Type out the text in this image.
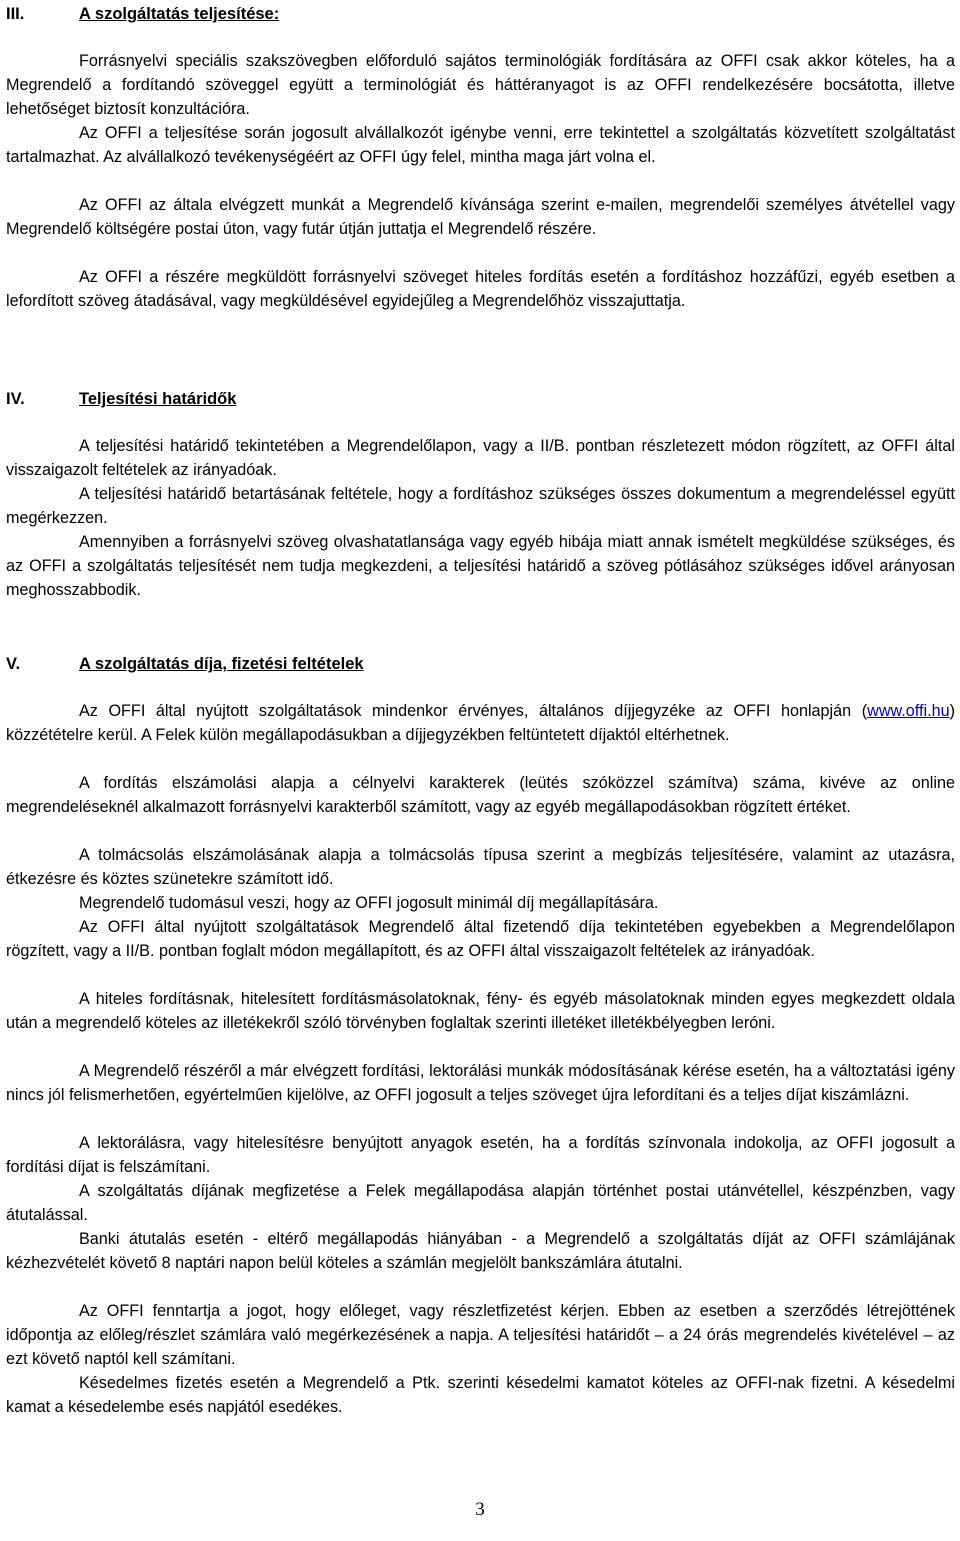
III.	A szolgáltatás teljesítése:

Forrásnyelvi speciális szakszövegben előforduló sajátos terminológiák fordítására az OFFI csak akkor köteles, ha a Megrendelő a fordítandó szöveggel együtt a terminológiát és háttéranyagot is az OFFI rendelkezésére bocsátotta, illetve lehetőséget biztosít konzultációra.

Az OFFI a teljesítése során jogosult alvállalkozót igénybe venni, erre tekintettel a szolgáltatás közvetített szolgáltatást tartalmazhat. Az alvállalkozó tevékenységéért az OFFI úgy felel, mintha maga járt volna el.

Az OFFI az általa elvégzett munkát a Megrendelő kívánsága szerint e-mailen, megrendelői személyes átvétellel vagy Megrendelő költségére postai úton, vagy futár útján juttatja el Megrendelő részére.

Az OFFI a részére megküldött forrásnyelvi szöveget hiteles fordítás esetén a fordításhoz hozzáfűzi, egyéb esetben a lefordított szöveg átadásával, vagy megküldésével egyidejűleg a Megrendelőhöz visszajuttatja.

IV.	Teljesítési határidők

A teljesítési határidő tekintetében a Megrendelőlapon, vagy a II/B. pontban részletezett módon rögzített, az OFFI által visszaigazolt feltételek az irányadóak.

A teljesítési határidő betartásának feltétele, hogy a fordításhoz szükséges összes dokumentum a megrendeléssel együtt megérkezzen.

Amennyiben a forrásnyelvi szöveg olvashatatlansága vagy egyéb hibája miatt annak ismételt megküldése szükséges, és az OFFI a szolgáltatás teljesítését nem tudja megkezdeni, a teljesítési határidő a szöveg pótlásához szükséges idővel arányosan meghosszabbodik.

V.	A szolgáltatás díja, fizetési feltételek

Az OFFI által nyújtott szolgáltatások mindenkor érvényes, általános díjjegyzéke az OFFI honlapján (www.offi.hu) közzétételre kerül. A Felek külön megállapodásukban a díjjegyzékben feltüntetett díjaktól eltérhetnek.

A fordítás elszámolási alapja a célnyelvi karakterek (leütés szóközzel számítva) száma, kivéve az online megrendeléseknél alkalmazott forrásnyelvi karakterből számított, vagy az egyéb megállapodásokban rögzített értéket.

A tolmácsolás elszámolásának alapja a tolmácsolás típusa szerint a megbízás teljesítésére, valamint az utazásra, étkezésre és köztes szünetekre számított idő.

Megrendelő tudomásul veszi, hogy az OFFI jogosult minimál díj megállapítására.

Az OFFI által nyújtott szolgáltatások Megrendelő által fizetendő díja tekintetében egyebekben a Megrendelőlapon rögzített, vagy a II/B. pontban foglalt módon megállapított, és az OFFI által visszaigazolt feltételek az irányadóak.

A hiteles fordításnak, hitelesített fordításmásolatoknak, fény- és egyéb másolatoknak minden egyes megkezdett oldala után a megrendelő köteles az illetékekről szóló törvényben foglaltak szerinti illetéket illetékbélyegben leróni.

A Megrendelő részéről a már elvégzett fordítási, lektorálási munkák módosításának kérése esetén, ha a változtatási igény nincs jól felismerhetően, egyértelműen kijelölve, az OFFI jogosult a teljes szöveget újra lefordítani és a teljes díjat kiszámlázni.

A lektorálásra, vagy hitelesítésre benyújtott anyagok esetén, ha a fordítás színvonala indokolja, az OFFI jogosult a fordítási díjat is felszámítani.

A szolgáltatás díjának megfizetése a Felek megállapodása alapján történhet postai utánvétellel, készpénzben, vagy átutalással.

Banki átutalás esetén - eltérő megállapodás hiányában - a Megrendelő a szolgáltatás díját az OFFI számlájának kézhezvételét követő 8 naptári napon belül köteles a számlán megjelölt bankszámlára átutalni.

Az OFFI fenntartja a jogot, hogy előleget, vagy részletfizetést kérjen. Ebben az esetben a szerződés létrejöttének időpontja az előleg/részlet számlára való megérkezésének a napja. A teljesítési határidőt – a 24 órás megrendelés kivételével – az ezt követő naptól kell számítani.

Késedelmes fizetés esetén a Megrendelő a Ptk. szerinti késedelmi kamatot köteles az OFFI-nak fizetni. A késedelmi kamat a késedelembe esés napjától esedékes.

3
